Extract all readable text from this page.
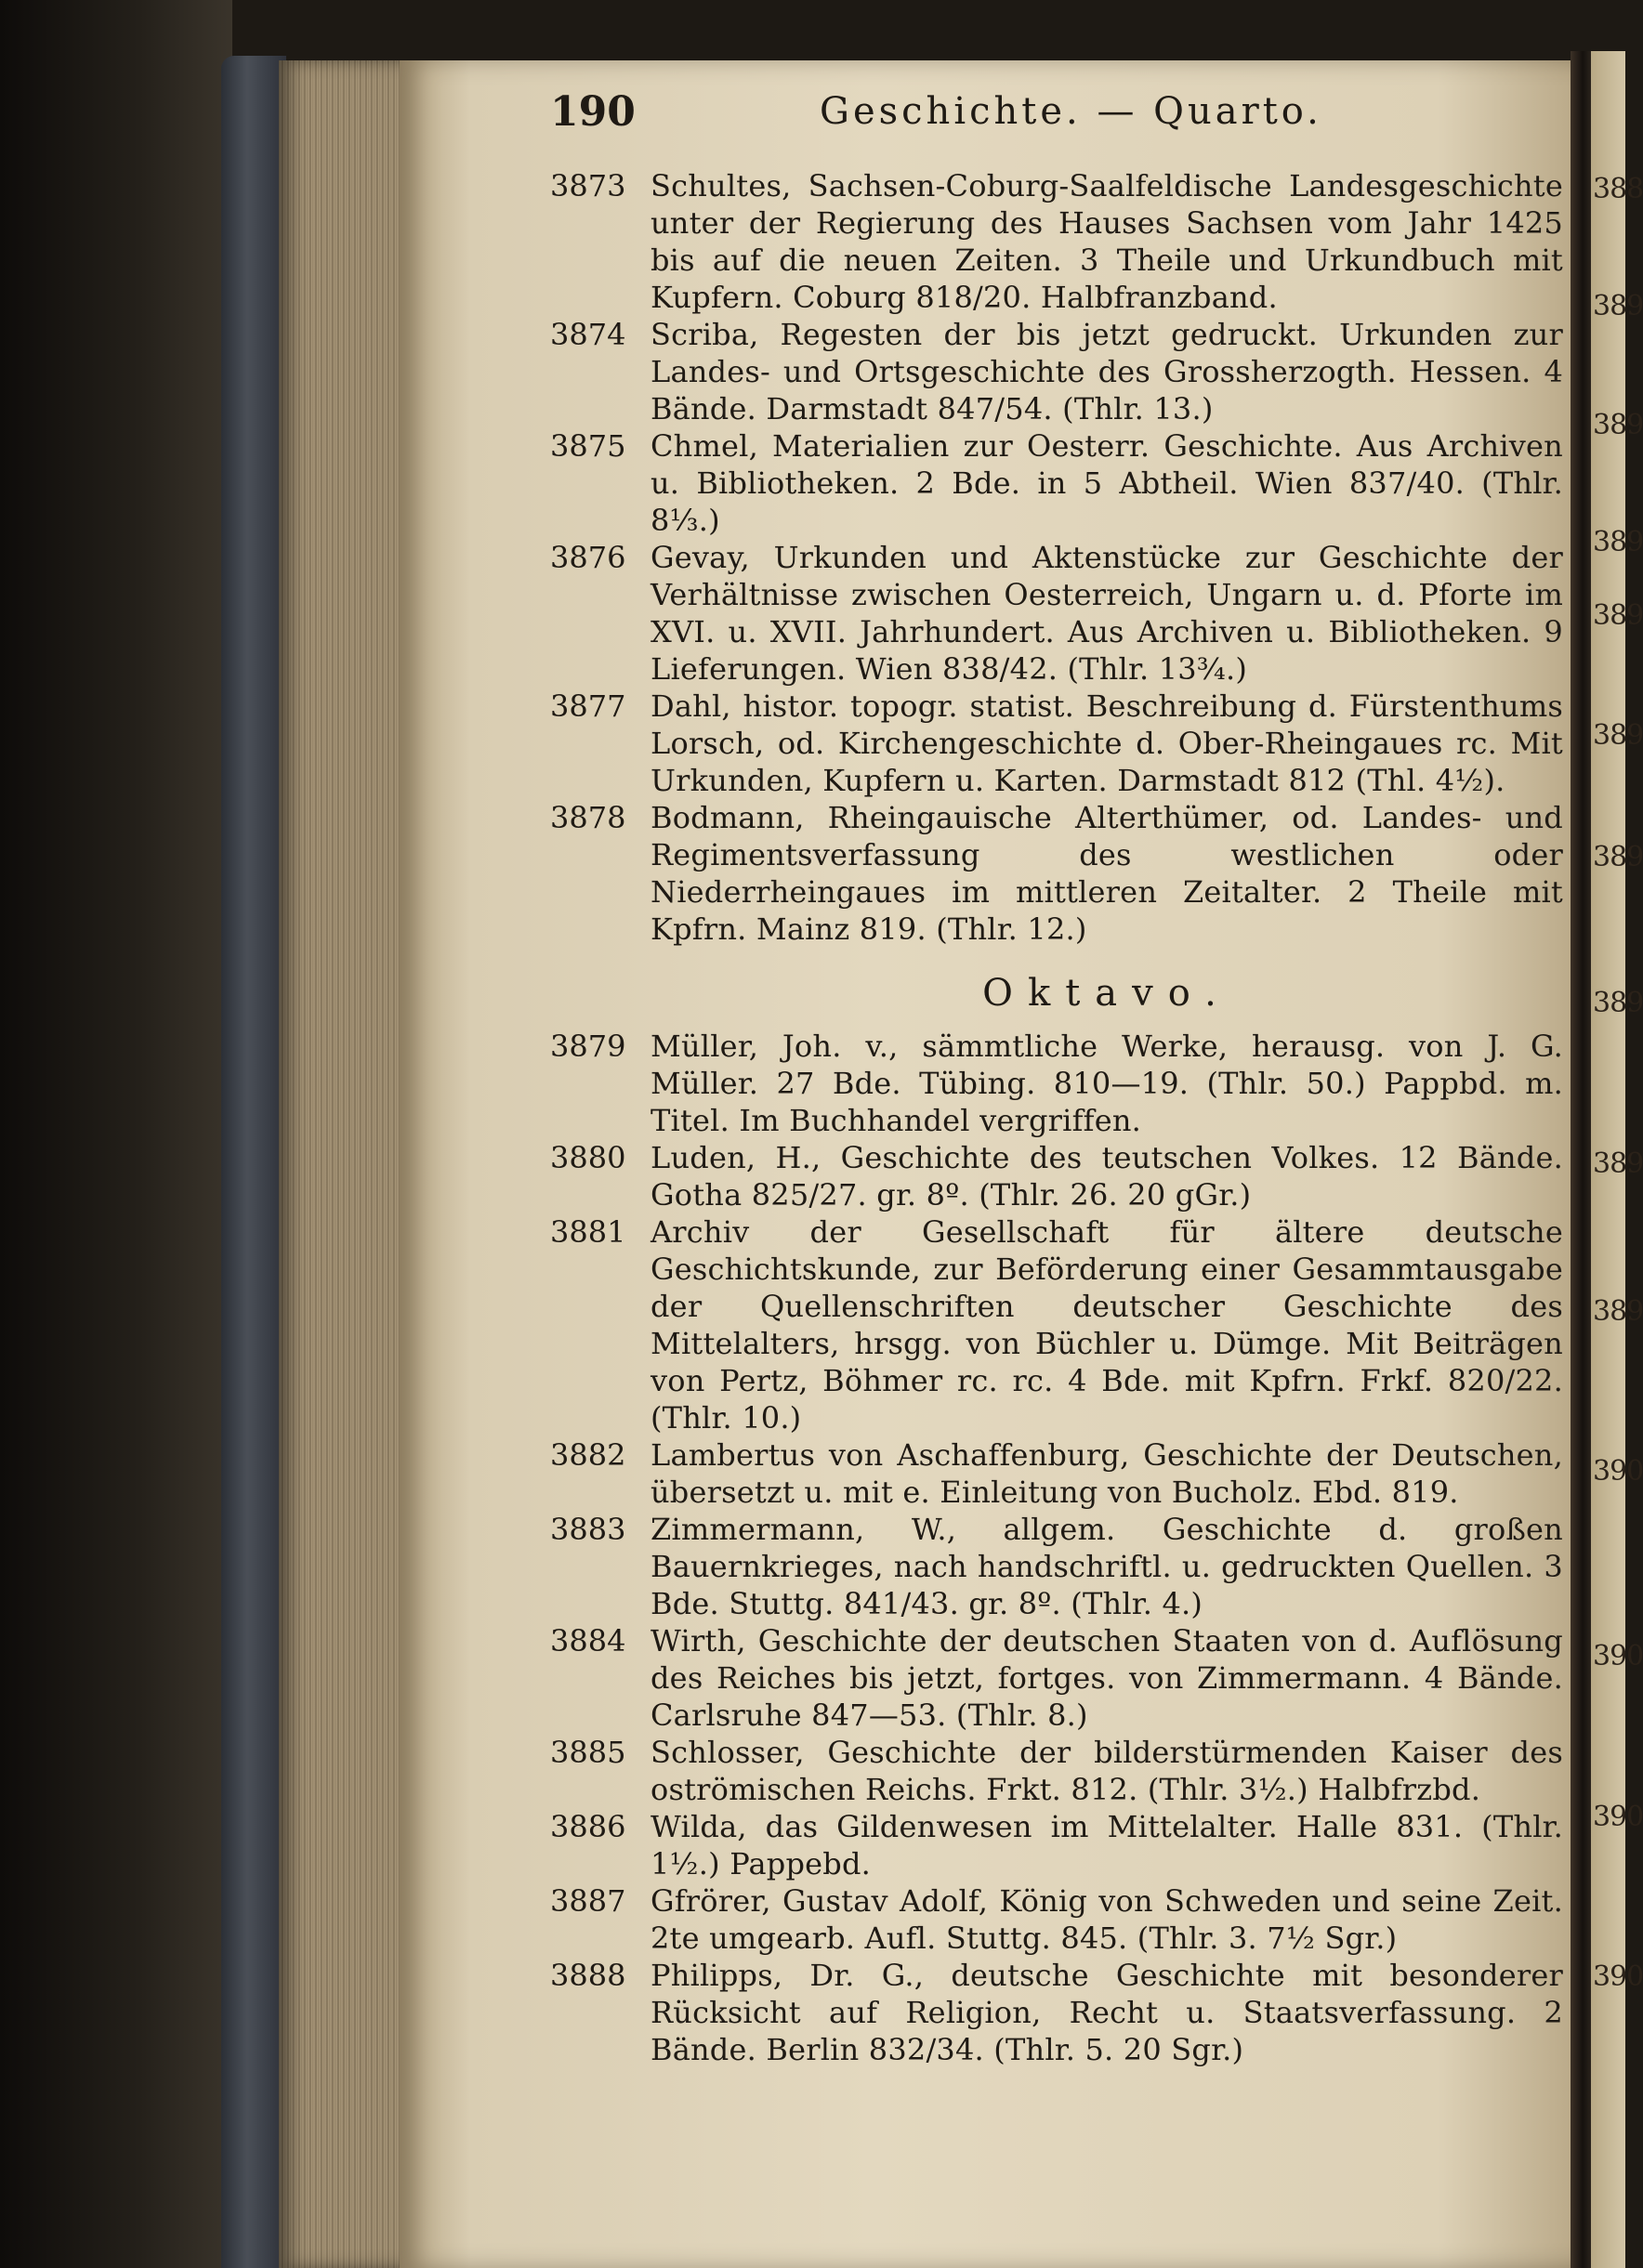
388
389
389
389
389
389
389
389
389
389
390
390
390
390
190	Geschichte. — Quarto.
3873 Schultes, Sachsen-Coburg-Saalfeldische Landesgeschichte unter der Regierung des Hauses Sachsen vom Jahr 1425 bis auf die neuen Zeiten. 3 Theile und Urkundbuch mit Kupfern. Coburg 818/20. Halbfranzband.
3874 Scriba, Regesten der bis jetzt gedruckt. Urkunden zur Landes- und Ortsgeschichte des Grossherzogth. Hessen. 4 Bände. Darmstadt 847/54. (Thlr. 13.)
3875 Chmel, Materialien zur Oesterr. Geschichte. Aus Archiven u. Bibliotheken. 2 Bde. in 5 Abtheil. Wien 837/40. (Thlr. 8⅓.)
3876 Gevay, Urkunden und Aktenstücke zur Geschichte der Verhältnisse zwischen Oesterreich, Ungarn u. d. Pforte im XVI. u. XVII. Jahrhundert. Aus Archiven u. Bibliotheken. 9 Lieferungen. Wien 838/42. (Thlr. 13¾.)
3877 Dahl, histor. topogr. statist. Beschreibung d. Fürstenthums Lorsch, od. Kirchengeschichte d. Ober-Rheingaues rc. Mit Urkunden, Kupfern u. Karten. Darmstadt 812 (Thl. 4½).
3878 Bodmann, Rheingauische Alterthümer, od. Landes- und Regimentsverfassung des westlichen oder Niederrheingaues im mittleren Zeitalter. 2 Theile mit Kpfrn. Mainz 819. (Thlr. 12.)
Oktavo.
3879 Müller, Joh. v., sämmtliche Werke, herausg. von J. G. Müller. 27 Bde. Tübing. 810—19. (Thlr. 50.) Pappbd. m. Titel. Im Buchhandel vergriffen.
3880 Luden, H., Geschichte des teutschen Volkes. 12 Bände. Gotha 825/27. gr. 8º. (Thlr. 26. 20 gGr.)
3881 Archiv der Gesellschaft für ältere deutsche Geschichtskunde, zur Beförderung einer Gesammtausgabe der Quellenschriften deutscher Geschichte des Mittelalters, hrsgg. von Büchler u. Dümge. Mit Beiträgen von Pertz, Böhmer rc. rc. 4 Bde. mit Kpfrn. Frkf. 820/22. (Thlr. 10.)
3882 Lambertus von Aschaffenburg, Geschichte der Deutschen, übersetzt u. mit e. Einleitung von Bucholz. Ebd. 819.
3883 Zimmermann, W., allgem. Geschichte d. großen Bauernkrieges, nach handschriftl. u. gedruckten Quellen. 3 Bde. Stuttg. 841/43. gr. 8º. (Thlr. 4.)
3884 Wirth, Geschichte der deutschen Staaten von d. Auflösung des Reiches bis jetzt, fortges. von Zimmermann. 4 Bände. Carlsruhe 847—53. (Thlr. 8.)
3885 Schlosser, Geschichte der bilderstürmenden Kaiser des oströmischen Reichs. Frkt. 812. (Thlr. 3½.) Halbfrzbd.
3886 Wilda, das Gildenwesen im Mittelalter. Halle 831. (Thlr. 1½.) Pappebd.
3887 Gfrörer, Gustav Adolf, König von Schweden und seine Zeit. 2te umgearb. Aufl. Stuttg. 845. (Thlr. 3. 7½ Sgr.)
3888 Philipps, Dr. G., deutsche Geschichte mit besonderer Rücksicht auf Religion, Recht u. Staatsverfassung. 2 Bände. Berlin 832/34. (Thlr. 5. 20 Sgr.)
